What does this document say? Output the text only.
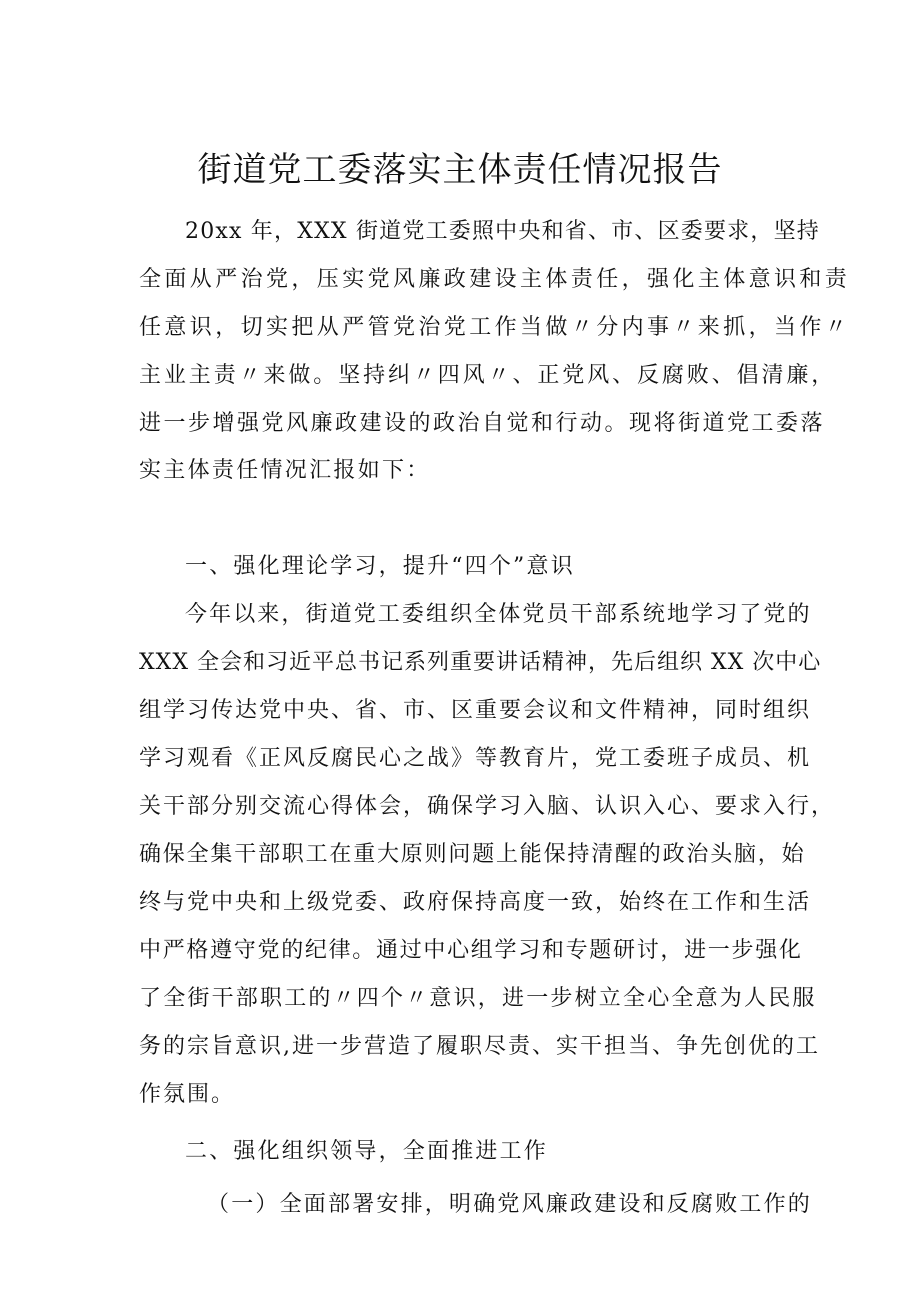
街道党工委落实主体责任情况报告
20xx 年，XXX 街道党工委照中央和省、市、区委要求，坚持
全面从严治党，压实党风廉政建设主体责任，强化主体意识和责
任意识，切实把从严管党治党工作当做〃分内事〃来抓，当作〃
主业主责〃来做。坚持纠〃四风〃、正党风、反腐败、倡清廉，
进一步增强党风廉政建设的政治自觉和行动。现将街道党工委落
实主体责任情况汇报如下：
一、强化理论学习，提升“四个”意识
今年以来，街道党工委组织全体党员干部系统地学习了党的
XXX 全会和习近平总书记系列重要讲话精神，先后组织 XX 次中心
组学习传达党中央、省、市、区重要会议和文件精神，同时组织
学习观看《正风反腐民心之战》等教育片，党工委班子成员、机
关干部分别交流心得体会，确保学习入脑、认识入心、要求入行，
确保全集干部职工在重大原则问题上能保持清醒的政治头脑，始
终与党中央和上级党委、政府保持高度一致，始终在工作和生活
中严格遵守党的纪律。通过中心组学习和专题研讨，进一步强化
了全街干部职工的〃四个〃意识，进一步树立全心全意为人民服
务的宗旨意识,进一步营造了履职尽责、实干担当、争先创优的工
作氛围。
二、强化组织领导，全面推进工作
（一）全面部署安排，明确党风廉政建设和反腐败工作的
